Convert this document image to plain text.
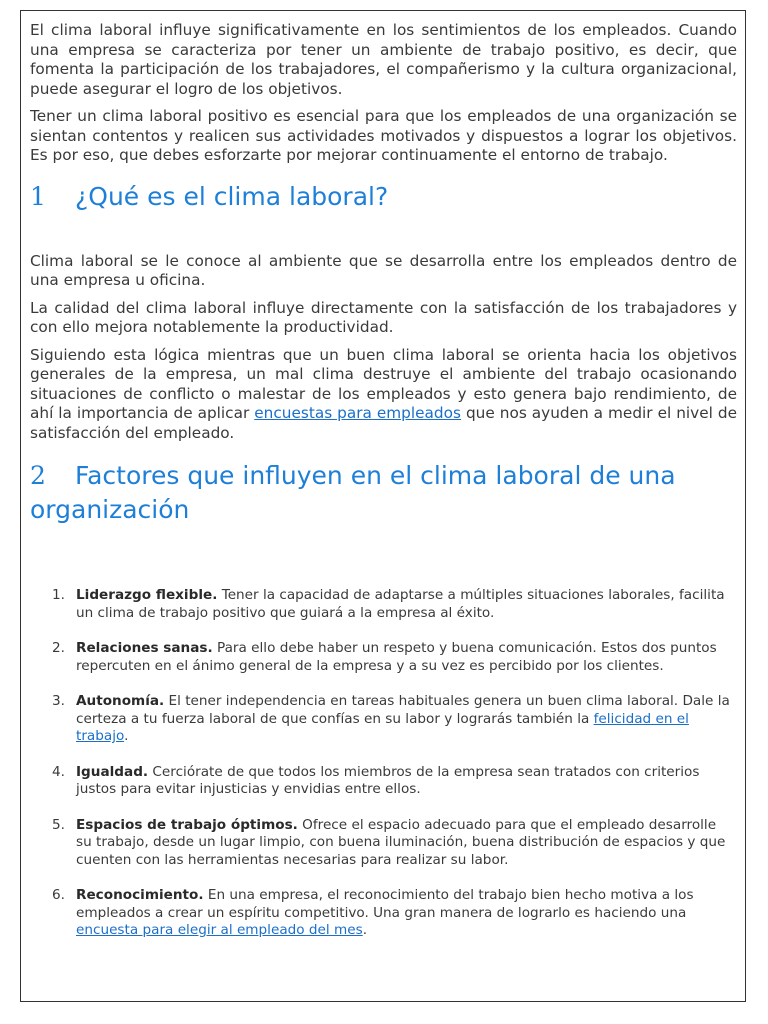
El clima laboral influye significativamente en los sentimientos de los empleados. Cuando una empresa se caracteriza por tener un ambiente de trabajo positivo, es decir, que fomenta la participación de los trabajadores, el compañerismo y la cultura organizacional, puede asegurar el logro de los objetivos.

Tener un clima laboral positivo es esencial para que los empleados de una organización se sientan contentos y realicen sus actividades motivados y dispuestos a lograr los objetivos. Es por eso, que debes esforzarte por mejorar continuamente el entorno de trabajo.

1 ¿Qué es el clima laboral?

Clima laboral se le conoce al ambiente que se desarrolla entre los empleados dentro de una empresa u oficina.

La calidad del clima laboral influye directamente con la satisfacción de los trabajadores y con ello mejora notablemente la productividad.

Siguiendo esta lógica mientras que un buen clima laboral se orienta hacia los objetivos generales de la empresa, un mal clima destruye el ambiente del trabajo ocasionando situaciones de conflicto o malestar de los empleados y esto genera bajo rendimiento, de ahí la importancia de aplicar encuestas para empleados que nos ayuden a medir el nivel de satisfacción del empleado.

2 Factores que influyen en el clima laboral de una organización
1. Liderazgo flexible. Tener la capacidad de adaptarse a múltiples situaciones laborales, facilita un clima de trabajo positivo que guiará a la empresa al éxito.
2. Relaciones sanas. Para ello debe haber un respeto y buena comunicación. Estos dos puntos repercuten en el ánimo general de la empresa y a su vez es percibido por los clientes.
3. Autonomía. El tener independencia en tareas habituales genera un buen clima laboral. Dale la certeza a tu fuerza laboral de que confías en su labor y lograrás también la felicidad en el trabajo.
4. Igualdad. Cerciórate de que todos los miembros de la empresa sean tratados con criterios justos para evitar injusticias y envidias entre ellos.
5. Espacios de trabajo óptimos. Ofrece el espacio adecuado para que el empleado desarrolle su trabajo, desde un lugar limpio, con buena iluminación, buena distribución de espacios y que cuenten con las herramientas necesarias para realizar su labor.
6. Reconocimiento. En una empresa, el reconocimiento del trabajo bien hecho motiva a los empleados a crear un espíritu competitivo. Una gran manera de lograrlo es haciendo una encuesta para elegir al empleado del mes.
